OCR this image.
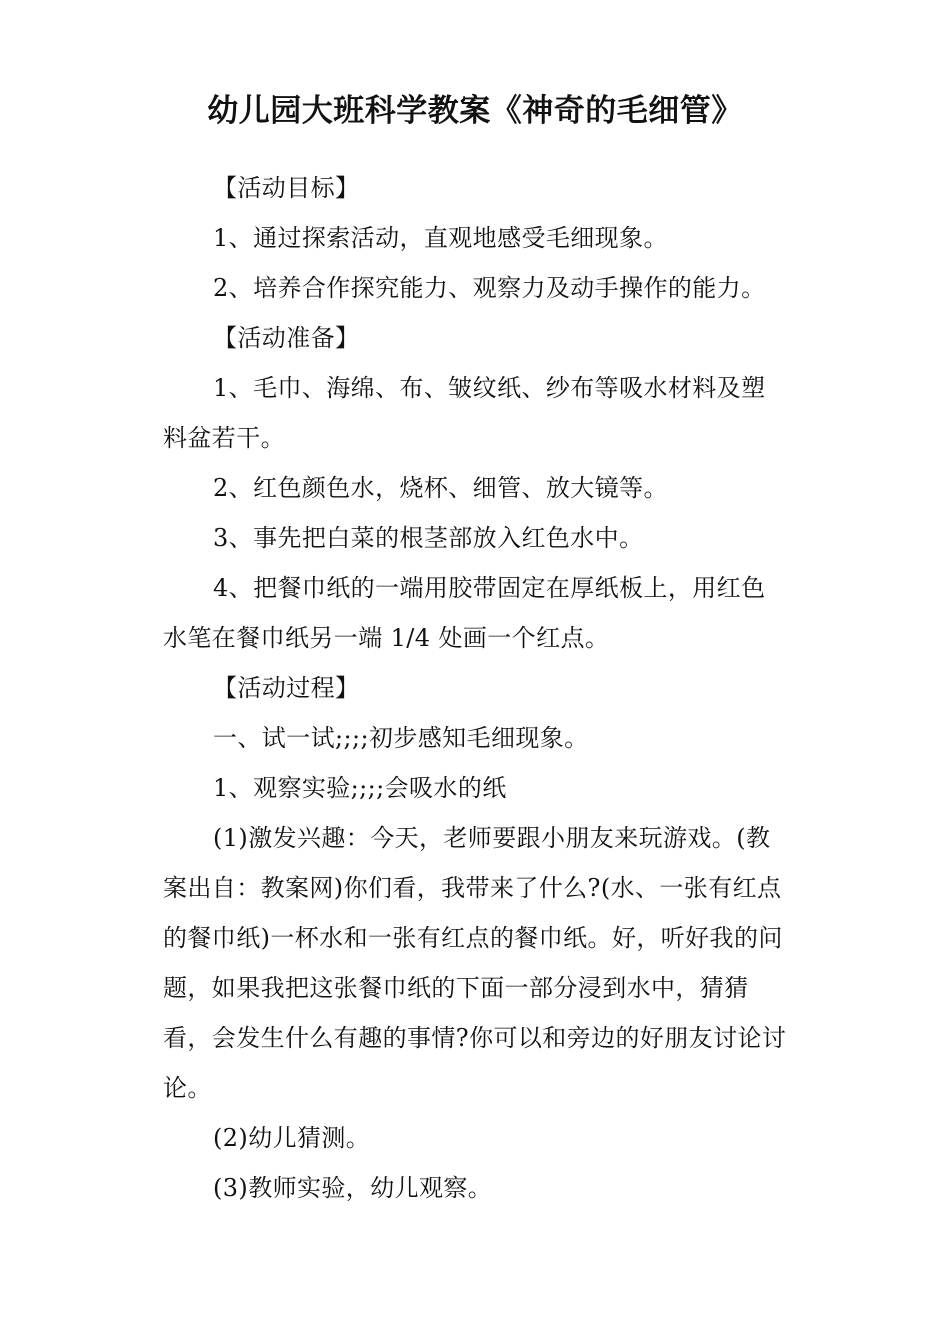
幼儿园大班科学教案《神奇的毛细管》

【活动目标】

1、通过探索活动，直观地感受毛细现象。

2、培养合作探究能力、观察力及动手操作的能力。

【活动准备】

1、毛巾、海绵、布、皱纹纸、纱布等吸水材料及塑料盆若干。

2、红色颜色水，烧杯、细管、放大镜等。

3、事先把白菜的根茎部放入红色水中。

4、把餐巾纸的一端用胶带固定在厚纸板上，用红色水笔在餐巾纸另一端 1/4 处画一个红点。

【活动过程】

一、试一试;;;;初步感知毛细现象。

1、观察实验;;;;会吸水的纸

(1)激发兴趣：今天，老师要跟小朋友来玩游戏。(教案出自：教案网)你们看，我带来了什么?(水、一张有红点的餐巾纸)一杯水和一张有红点的餐巾纸。好，听好我的问题，如果我把这张餐巾纸的下面一部分浸到水中，猜猜看，会发生什么有趣的事情?你可以和旁边的好朋友讨论讨论。

(2)幼儿猜测。

(3)教师实验，幼儿观察。
